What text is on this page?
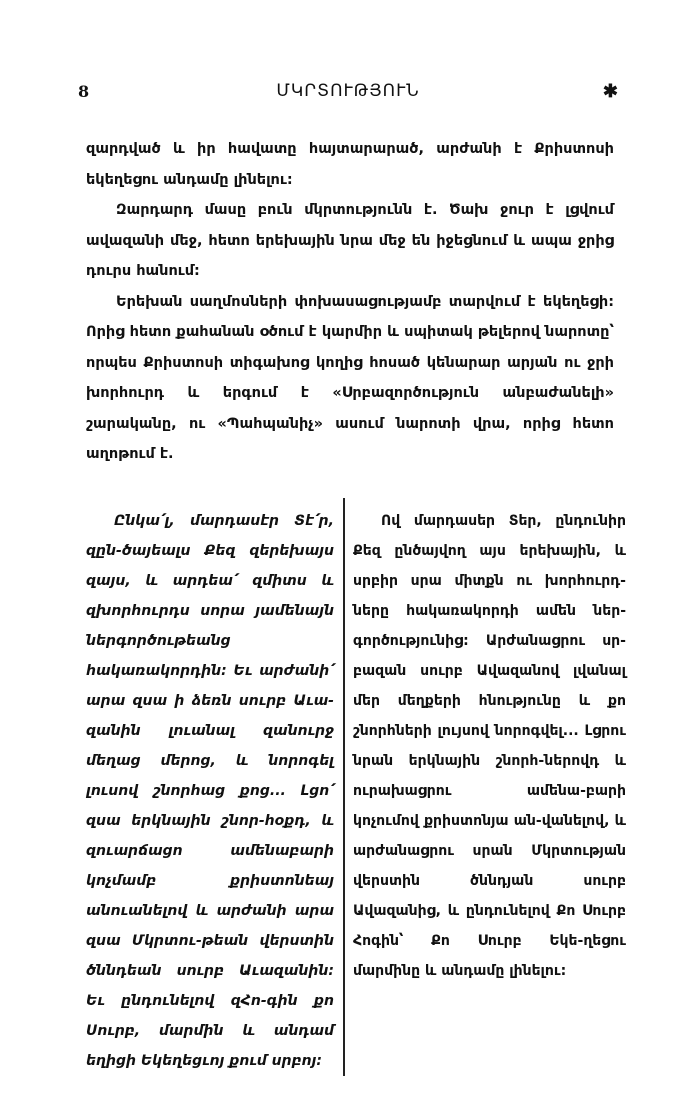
8	ՄԿՐՏՈՒԹՅՈՒՆ	✱

զարդված և իր հավատը հայտարարած, արժանի է Քրիստոսի եկեղեցու անդամը լինելու:

Զարդարդ մասը բուն մկրտությունն է. Ծախ ջուր է լցվում ավազանի մեջ, հետո երեխային նրա մեջ են իջեցնում և ապա ջրից դուրս հանում:

Երեխան սաղմոսների փոխասացությամբ տարվում է եկեղեցի: Որից հետո քահանան օծում է կարմիր և սպիտակ թելերով նարոտը՝ որպես Քրիստոսի տիգախոց կողից հոսած կենարար արյան ու ջրի խորհուրդ և երգում է «Սրբազործություն անբաժանելի» շարականը, ու «Պահպանիչ» ասում նարոտի վրա, որից հետո աղոթում է.

Ընկա՛լ, մարդասէր Տէ՛ր, զըն-ծայեալս Քեզ զերեխայս զայս, և արդեա՛ զմիտս և զխորհուրդս սորա յամենայն ներգործութեանց հակառակորդին: Եւ արժանի՛ արա զսա ի ձեռն սուրբ Աւա-զանին լուանալ զանուրջ մեղաց մերոց, և նորոգել լուսով շնորհաց քոց... Լցո՛ զսա երկնային շնոր-հօքդ, և զուարճացո ամենաբարի կոչմամբ քրիստոնեայ անուանելով և արժանի արա զսա Մկրտու-թեան վերստին ծննդեան սուրբ Աւազանին: Եւ ընդունելով զՀո-գին քո Սուրբ, մարմին և անդամ եղիցի Եկեղեցւոյ քում սրբոյ:

Ով մարդասեր Տեր, ընդունիր Քեզ ընծայվող այս երեխային, և սրբիր սրա միտքն ու խորհուրդ-ները հակառակորդի ամեն ներ-գործությունից: Արժանացրու սր-բազան սուրբ Ավազանով լվանալ մեր մեղքերի հնությունը և քո շնորհների լույսով նորոգվել... Լցրու նրան երկնային շնորհ-ներովդ և ուրախացրու ամենա-բարի կոչումով քրիստոնյա ան-վանելով, և արժանացրու սրան Մկրտության վերստին ծննդյան սուրբ Ավազանից, և ընդունելով Քո Սուրբ Հոգին՝ Քո Սուրբ Եկե-ղեցու մարմինը և անդամը լինելու:
